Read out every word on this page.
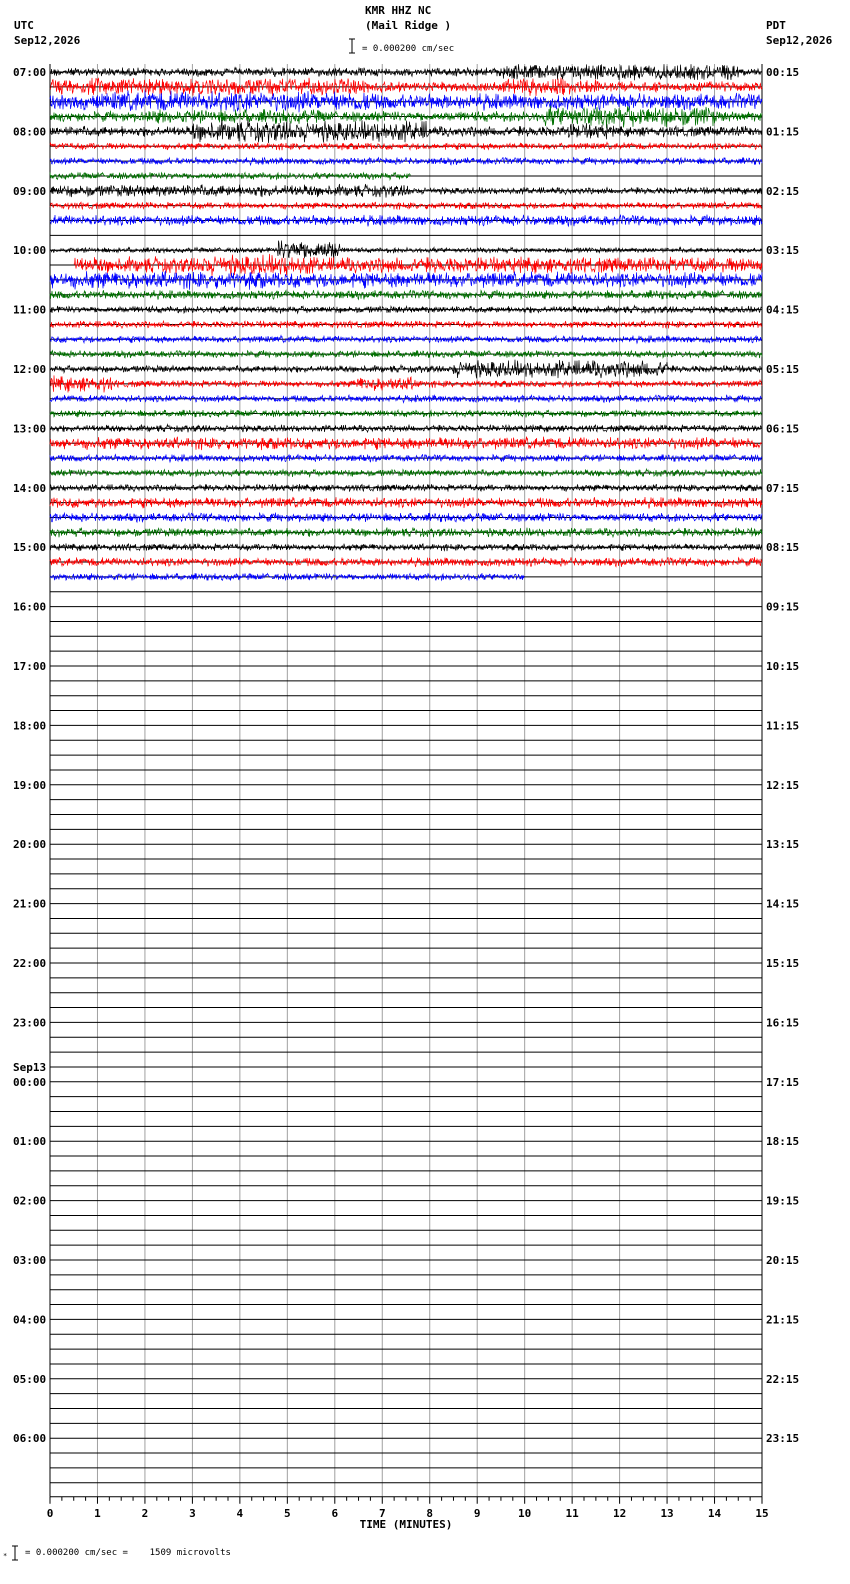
UTC
Sep12,2026
KMR HHZ NC
(Mail Ridge )	PDT
Sep12,2026
= 0.000200 cm/sec
= 0.000200 cm/sec =    1509 microvolts
*
0	1	2	3	4	5	6	7	8	9	10	11	12	13	14	15
TIME (MINUTES)
07:00
08:00
09:00
10:00
11:00
12:00
13:00
14:00
15:00
16:00
17:00
18:00
19:00
20:00
21:00
22:00
23:00
00:00
Sep13
01:00
02:00
03:00
04:00
05:00
06:00
00:15
01:15
02:15
03:15
04:15
05:15
06:15
07:15
08:15
09:15
10:15
11:15
12:15
13:15
14:15
15:15
16:15
17:15
18:15
19:15
20:15
21:15
22:15
23:15
